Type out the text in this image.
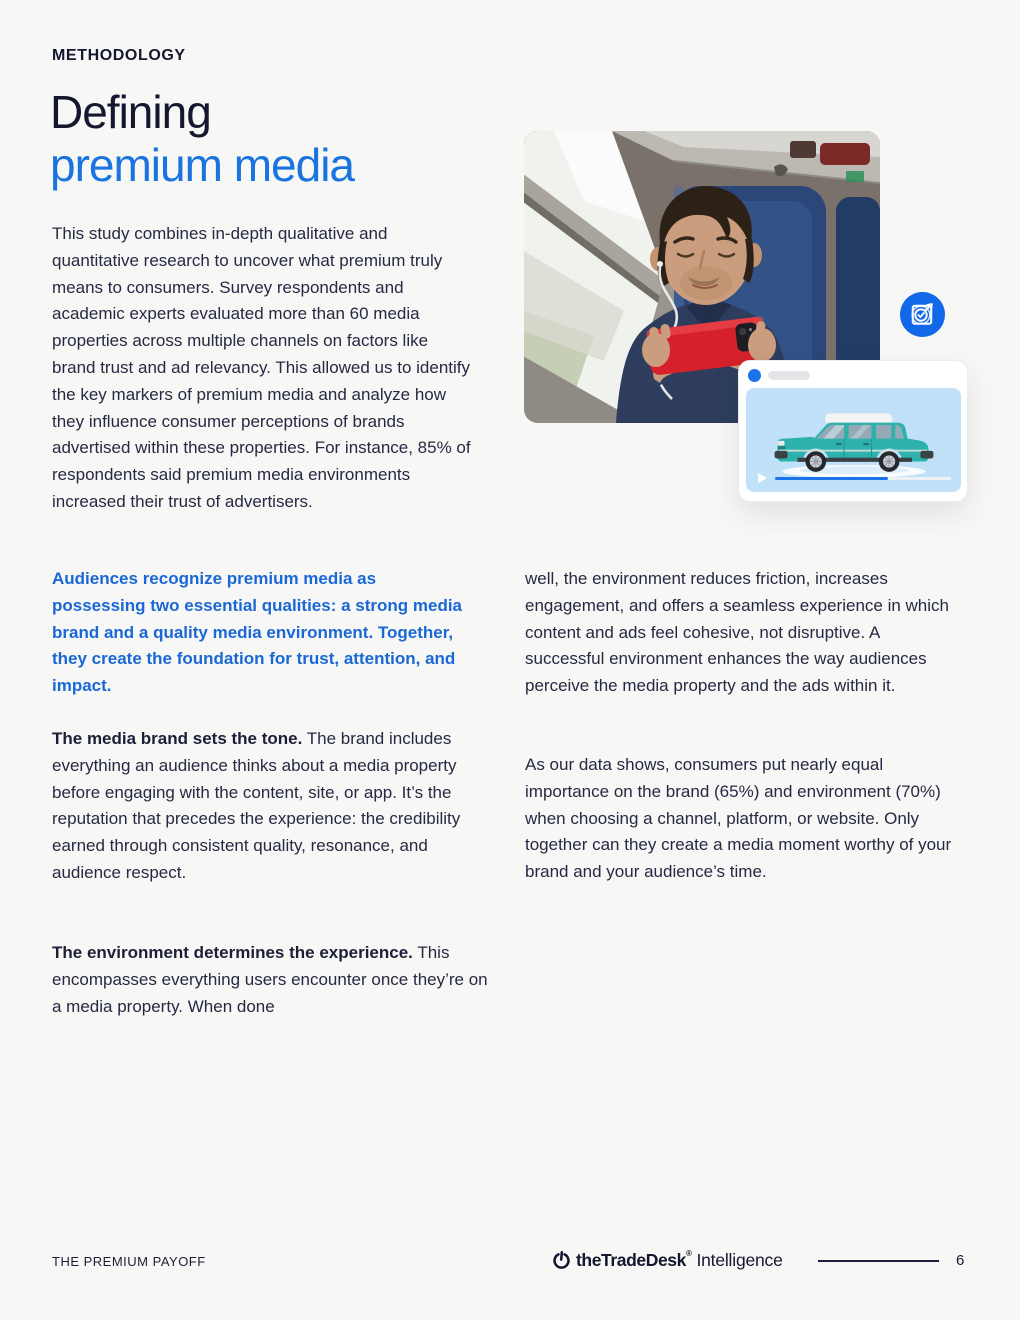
METHODOLOGY
Defining
premium media

This study combines in-depth qualitative and quantitative research to uncover what premium truly means to consumers. Survey respondents and academic experts evaluated more than 60 media properties across multiple channels on factors like brand trust and ad relevancy. This allowed us to identify the key markers of premium media and analyze how they influence consumer perceptions of brands advertised within these properties. For instance, 85% of respondents said premium media environments increased their trust of advertisers.

Audiences recognize premium media as possessing two essential qualities: a strong media brand and a quality media environment. Together, they create the foundation for trust, attention, and impact.

The media brand sets the tone. The brand includes everything an audience thinks about a media property before engaging with the content, site, or app. It’s the reputation that precedes the experience: the credibility earned through consistent quality, resonance, and audience respect.

The environment determines the experience. This encompasses everything users encounter once they’re on a media property. When done

well, the environment reduces friction, increases engagement, and offers a seamless experience in which content and ads feel cohesive, not disruptive. A successful environment enhances the way audiences perceive the media property and the ads within it.

As our data shows, consumers put nearly equal importance on the brand (65%) and environment (70%) when choosing a channel, platform, or website. Only together can they create a media moment worthy of your brand and your audience’s time.

THE PREMIUM PAYOFF	theTradeDesk® Intelligence	6
